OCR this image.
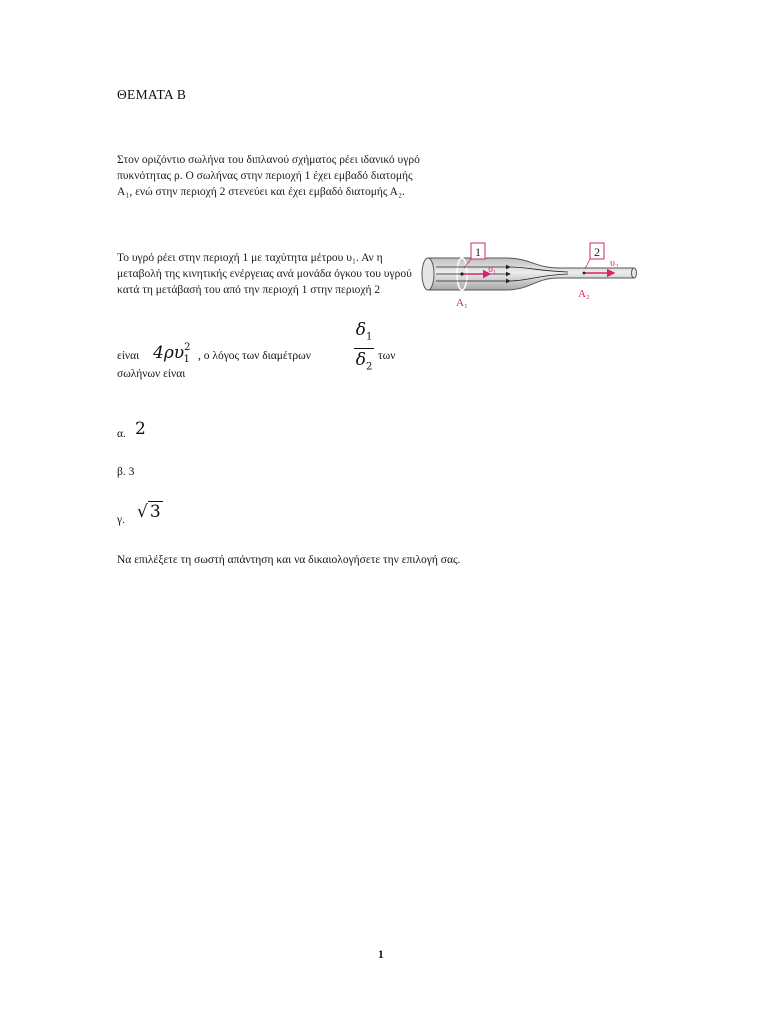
ΘΕΜΑΤΑ Β
Στον οριζόντιο σωλήνα του διπλανού σχήματος ρέει ιδανικό υγρό πυκνότητας ρ. Ο σωλήνας στην περιοχή 1 έχει εμβαδό διατομής Α₁, ενώ στην περιοχή 2 στενεύει και έχει εμβαδό διατομής Α₂.
Το υγρό ρέει στην περιοχή 1 με ταχύτητα μέτρου υ₁. Αν η μεταβολή της κινητικής ενέργειας ανά μονάδα όγκου του υγρού κατά τη μετάβασή του από την περιοχή 1 στην περιοχή 2
είναι $4\rho\upsilon^2_1$ , ο λόγος των διαμέτρων
$\delta_1$
$\delta_2$
των
σωλήνων είναι
α. 2
β. 3
γ. √ 3
Να επιλέξετε τη σωστή απάντηση και να δικαιολογήσετε την επιλογή σας.
1	2
υ₁
υ₂
A₁
A₂
1
